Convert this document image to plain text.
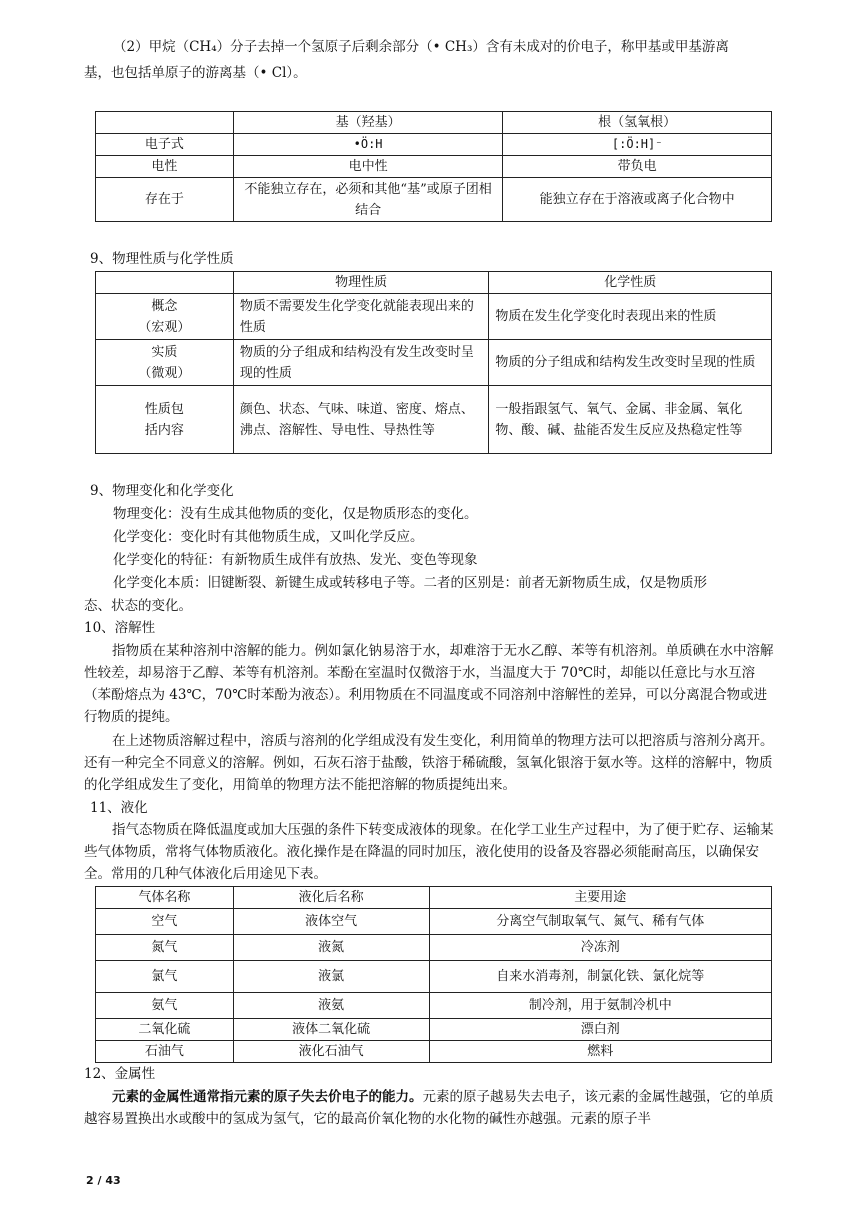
（2）甲烷（CH₄）分子去掉一个氢原子后剩余部分（• CH₃）含有未成对的价电子，称甲基或甲基游离
基，也包括单原子的游离基（• Cl）。
	基（羟基）	根（氢氧根）
电子式	•Ö:H	[:Ö:H]⁻
电性	电中性	带负电
存在于	不能独立存在，必须和其他“基”或原子团相结合	能独立存在于溶液或离子化合物中
9、物理性质与化学性质
	物理性质	化学性质
概念
（宏观）	物质不需要发生化学变化就能表现出来的性质	物质在发生化学变化时表现出来的性质
实质
（微观）	物质的分子组成和结构没有发生改变时呈现的性质	物质的分子组成和结构发生改变时呈现的性质
性质包
括内容	颜色、状态、气味、味道、密度、熔点、沸点、溶解性、导电性、导热性等	一般指跟氢气、氧气、金属、非金属、氧化物、酸、碱、盐能否发生反应及热稳定性等
9、物理变化和化学变化
物理变化：没有生成其他物质的变化，仅是物质形态的变化。
化学变化：变化时有其他物质生成，又叫化学反应。
化学变化的特征：有新物质生成伴有放热、发光、变色等现象
化学变化本质：旧键断裂、新键生成或转移电子等。二者的区别是：前者无新物质生成，仅是物质形
态、状态的变化。
10、溶解性

指物质在某种溶剂中溶解的能力。例如氯化钠易溶于水，却难溶于无水乙醇、苯等有机溶剂。单质碘在水中溶解性较差，却易溶于乙醇、苯等有机溶剂。苯酚在室温时仅微溶于水，当温度大于 70℃时，却能以任意比与水互溶（苯酚熔点为 43℃，70℃时苯酚为液态）。利用物质在不同温度或不同溶剂中溶解性的差异，可以分离混合物或进行物质的提纯。

在上述物质溶解过程中，溶质与溶剂的化学组成没有发生变化，利用简单的物理方法可以把溶质与溶剂分离开。还有一种完全不同意义的溶解。例如，石灰石溶于盐酸，铁溶于稀硫酸，氢氧化银溶于氨水等。这样的溶解中，物质的化学组成发生了变化，用简单的物理方法不能把溶解的物质提纯出来。

11、液化

指气态物质在降低温度或加大压强的条件下转变成液体的现象。在化学工业生产过程中，为了便于贮存、运输某些气体物质，常将气体物质液化。液化操作是在降温的同时加压，液化使用的设备及容器必须能耐高压，以确保安全。常用的几种气体液化后用途见下表。

气体名称	液化后名称	主要用途
空气	液体空气	分离空气制取氧气、氮气、稀有气体
氮气	液氮	冷冻剂
氯气	液氯	自来水消毒剂，制氯化铁、氯化烷等
氨气	液氨	制冷剂，用于氨制冷机中
二氧化硫	液体二氧化硫	漂白剂
石油气	液化石油气	燃料
12、金属性

元素的金属性通常指元素的原子失去价电子的能力。元素的原子越易失去电子，该元素的金属性越强，它的单质越容易置换出水或酸中的氢成为氢气，它的最高价氧化物的水化物的碱性亦越强。元素的原子半

2 / 43
